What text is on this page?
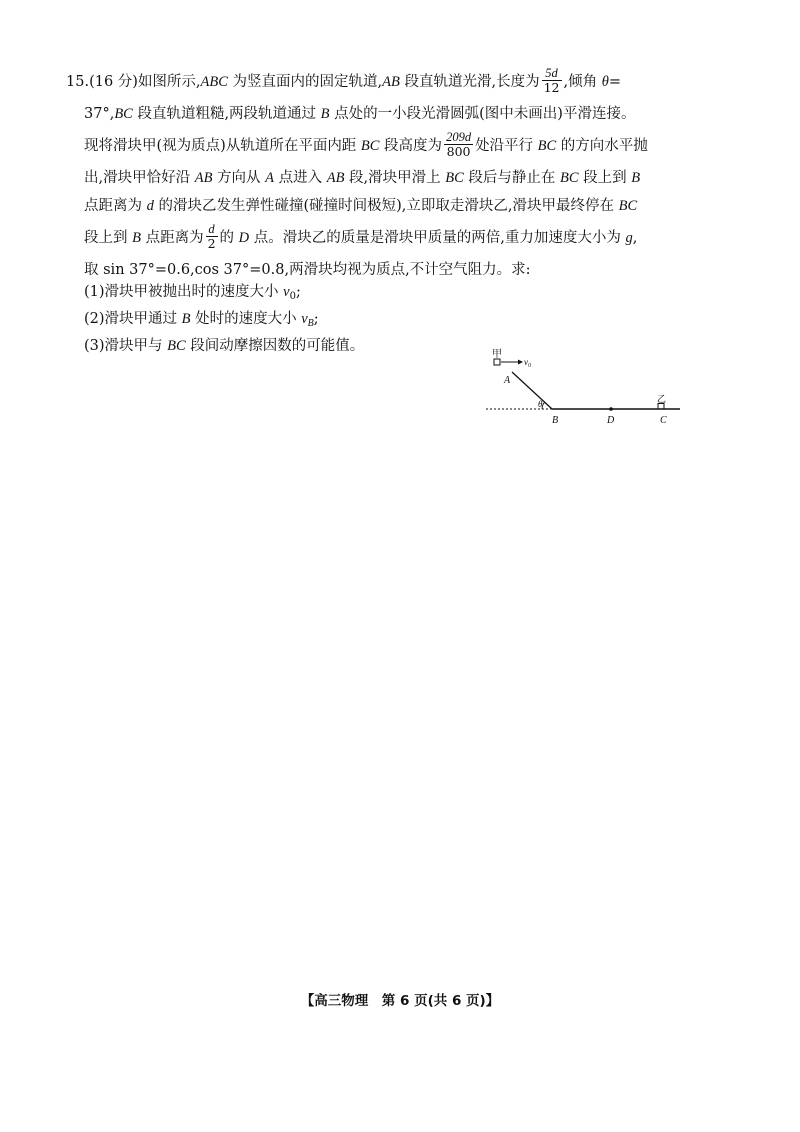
15.(16 分)如图所示,ABC 为竖直面内的固定轨道,AB 段直轨道光滑,长度为 $\frac{5d}{12}$ ,倾角 θ=
37°,BC 段直轨道粗糙,两段轨道通过 B 点处的一小段光滑圆弧(图中未画出)平滑连接。
现将滑块甲(视为质点)从轨道所在平面内距 BC 段高度为 $\frac{209d}{800}$ 处沿平行 BC 的方向水平抛
出,滑块甲恰好沿 AB 方向从 A 点进入 AB 段,滑块甲滑上 BC 段后与静止在 BC 段上到 B
点距离为 d 的滑块乙发生弹性碰撞(碰撞时间极短),立即取走滑块乙,滑块甲最终停在 BC
段上到 B 点距离为 $\frac{d}{2}$ 的 D 点。滑块乙的质量是滑块甲质量的两倍,重力加速度大小为 g,
取 sin 37°=0.6,cos 37°=0.8,两滑块均视为质点,不计空气阻力。求:
(1)滑块甲被抛出时的速度大小 $v_0$;
(2)滑块甲通过 B 处时的速度大小 $v_B$;
(3)滑块甲与 BC 段间动摩擦因数的可能值。
甲
$v_0$
A
θ
B	D	C
乙
【高三物理　第 6 页(共 6 页)】
